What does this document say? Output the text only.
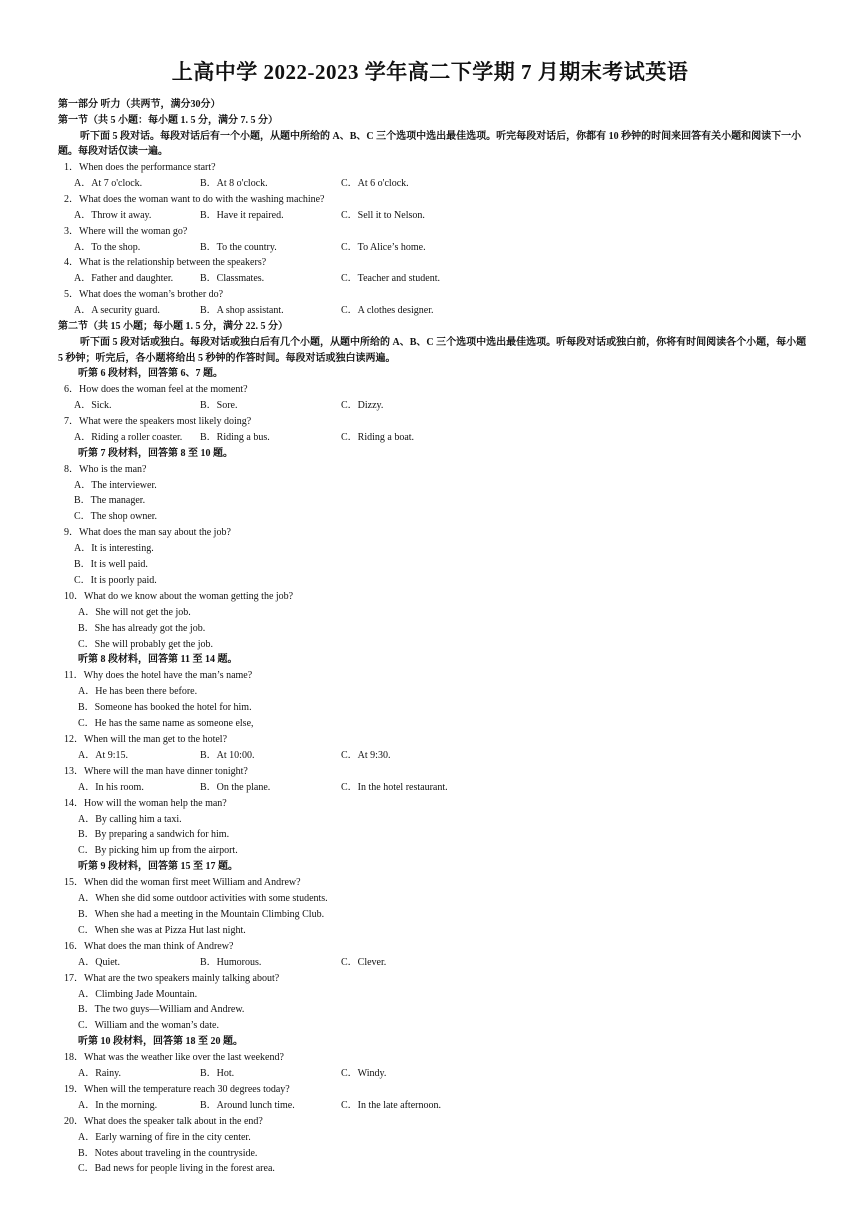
上高中学 2022-2023 学年高二下学期 7 月期末考试英语
第一部分 听力（共两节，满分30分）
第一节（共 5 小题：每小题 1. 5 分，满分 7. 5 分）
听下面 5 段对话。每段对话后有一个小题，从题中所给的 A、B、C 三个选项中选出最佳选项。听完每段对话后，你都有 10 秒钟的时间来回答有关小题和阅读下一小题。每段对话仅读一遍。
1．When does the performance start?
A．At 7 o'clock.	B．At 8 o'clock.	C．At 6 o'clock.
2．What does the woman want to do with the washing machine?
A．Throw it away.	B．Have it repaired.	C．Sell it to Nelson.
3．Where will the woman go?
A．To the shop.	B．To the country.	C．To Alice’s home.
4．What is the relationship between the speakers?
A．Father and daughter.	B．Classmates.	C．Teacher and student.
5．What does the woman’s brother do?
A．A security guard.	B．A shop assistant.	C．A clothes designer.
第二节（共 15 小题；每小题 1. 5 分，满分 22. 5 分）
听下面 5 段对话或独白。每段对话或独白后有几个小题，从题中所给的 A、B、C 三个选项中选出最佳选项。听每段对话或独白前，你将有时间阅读各个小题，每小题 5 秒钟；听完后，各小题将给出 5 秒钟的作答时间。每段对话或独白读两遍。
听第 6 段材料，回答第 6、7 题。
6．How does the woman feel at the moment?
A．Sick.	B．Sore.	C．Dizzy.
7．What were the speakers most likely doing?
A．Riding a roller coaster. B．Riding a bus.	C．Riding a boat.
听第 7 段材料，回答第 8 至 10 题。
8．Who is the man?
A．The interviewer.
B．The manager.
C．The shop owner.
9．What does the man say about the job?
A．It is interesting.
B．It is well paid.
C．It is poorly paid.
10．What do we know about the woman getting the job?
A．She will not get the job.
B．She has already got the job.
C．She will probably get the job.
听第 8 段材料，回答第 11 至 14 题。
11．Why does the hotel have the man’s name?
A．He has been there before.
B．Someone has booked the hotel for him.
C．He has the same name as someone else,
12．When will the man get to the hotel?
A．At 9:15.	B．At 10:00.	C．At 9:30.
13．Where will the man have dinner tonight?
A．In his room.	B．On the plane.	C．In the hotel restaurant.
14．How will the woman help the man?
A．By calling him a taxi.
B．By preparing a sandwich for him.
C．By picking him up from the airport.
听第 9 段材料，回答第 15 至 17 题。
15．When did the woman first meet William and Andrew?
A．When she did some outdoor activities with some students.
B．When she had a meeting in the Mountain Climbing Club.
C．When she was at Pizza Hut last night.
16．What does the man think of Andrew?
A．Quiet.	B．Humorous.	C．Clever.
17．What are the two speakers mainly talking about?
A．Climbing Jade Mountain.
B．The two guys—William and Andrew.
C．William and the woman’s date.
听第 10 段材料，回答第 18 至 20 题。
18．What was the weather like over the last weekend?
A．Rainy.	B．Hot.	C．Windy.
19．When will the temperature reach 30 degrees today?
A．In the morning.	B．Around lunch time.	C．In the late afternoon.
20．What does the speaker talk about in the end?
A．Early warning of fire in the city center.
B．Notes about traveling in the countryside.
C．Bad news for people living in the forest area.
